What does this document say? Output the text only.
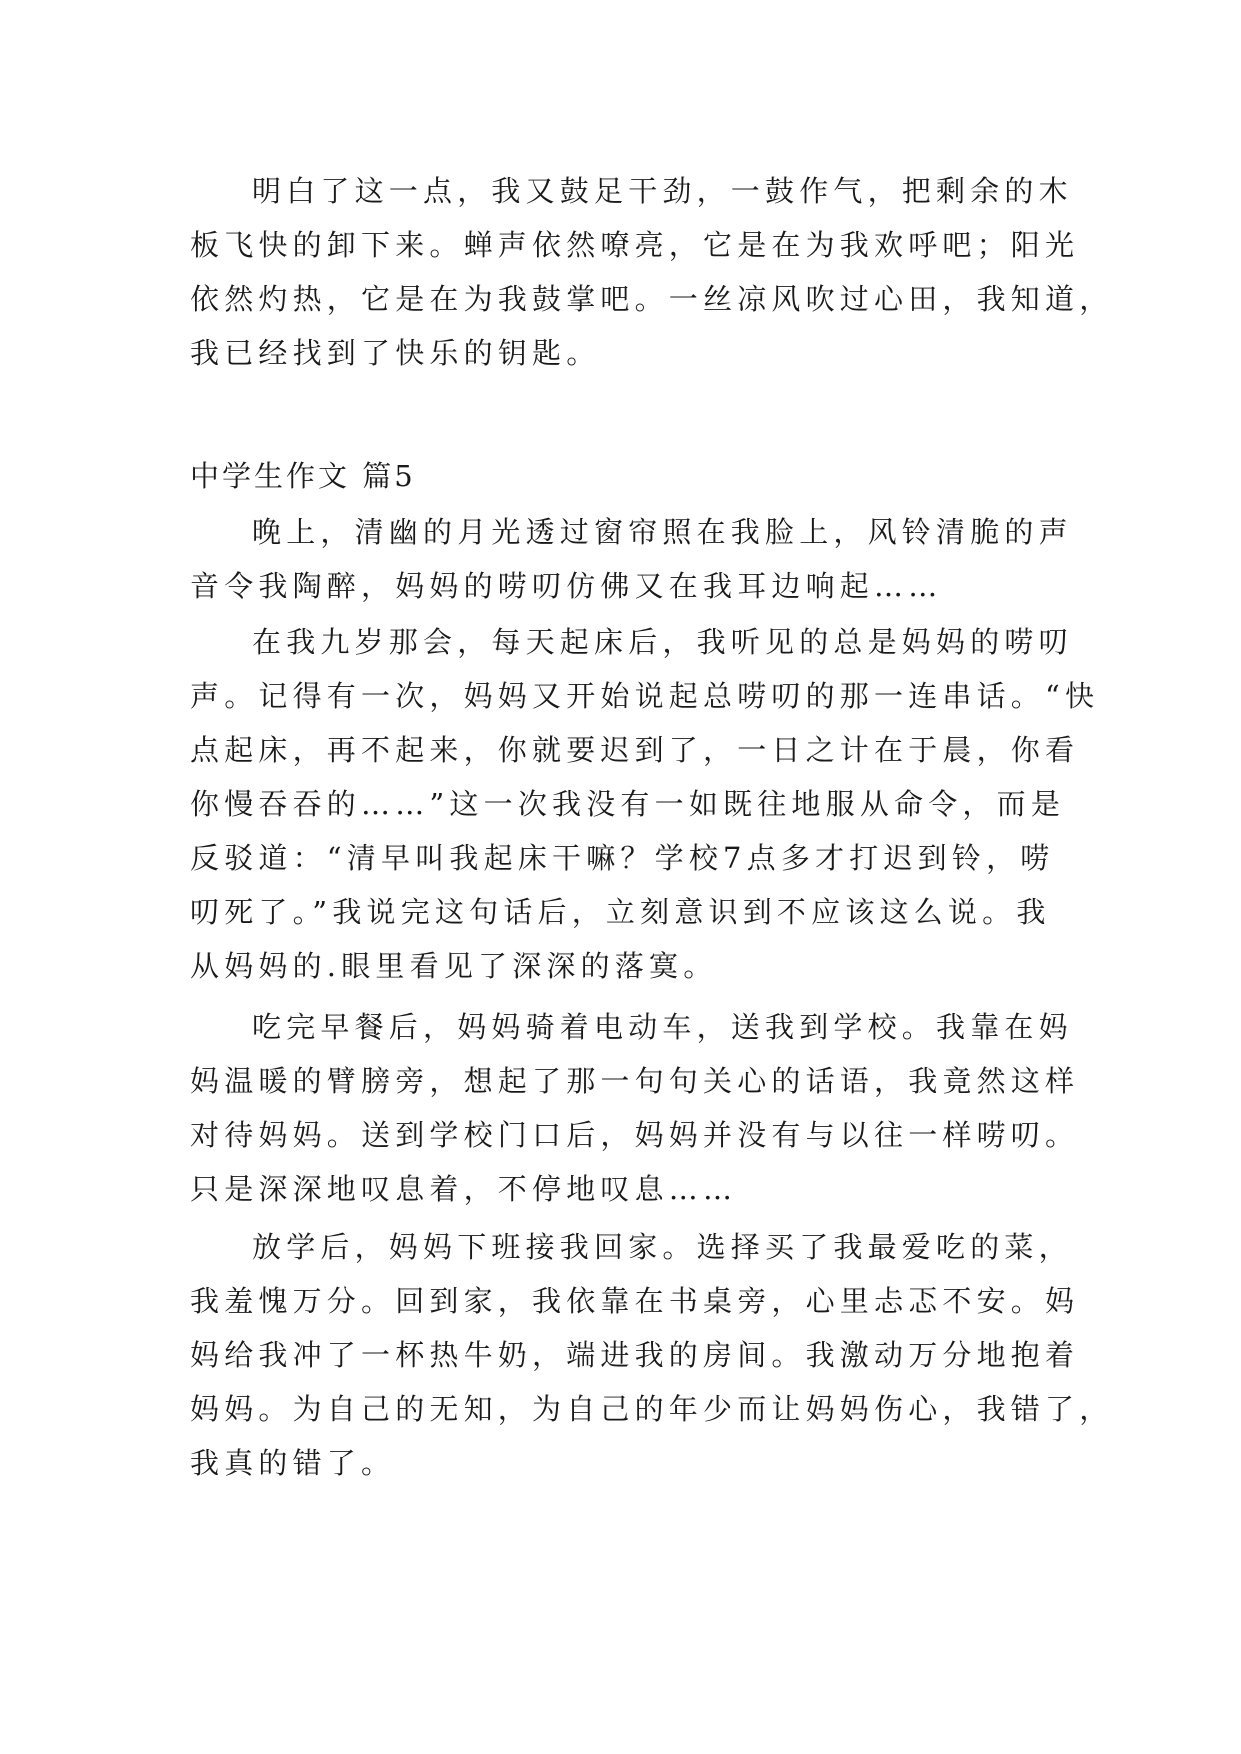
明白了这一点，我又鼓足干劲，一鼓作气，把剩余的木
板飞快的卸下来。蝉声依然嘹亮，它是在为我欢呼吧；阳光
依然灼热，它是在为我鼓掌吧。一丝凉风吹过心田，我知道，
我已经找到了快乐的钥匙。
中学生作文 篇5
晚上，清幽的月光透过窗帘照在我脸上，风铃清脆的声
音令我陶醉，妈妈的唠叨仿佛又在我耳边响起……
在我九岁那会，每天起床后，我听见的总是妈妈的唠叨
声。记得有一次，妈妈又开始说起总唠叨的那一连串话。“快
点起床，再不起来，你就要迟到了，一日之计在于晨，你看
你慢吞吞的……”这一次我没有一如既往地服从命令，而是
反驳道：“清早叫我起床干嘛？学校7点多才打迟到铃，唠
叨死了。”我说完这句话后，立刻意识到不应该这么说。我
从妈妈的.眼里看见了深深的落寞。
吃完早餐后，妈妈骑着电动车，送我到学校。我靠在妈
妈温暖的臂膀旁，想起了那一句句关心的话语，我竟然这样
对待妈妈。送到学校门口后，妈妈并没有与以往一样唠叨。
只是深深地叹息着，不停地叹息……
放学后，妈妈下班接我回家。选择买了我最爱吃的菜，
我羞愧万分。回到家，我依靠在书桌旁，心里忐忑不安。妈
妈给我冲了一杯热牛奶，端进我的房间。我激动万分地抱着
妈妈。为自己的无知，为自己的年少而让妈妈伤心，我错了，
我真的错了。
